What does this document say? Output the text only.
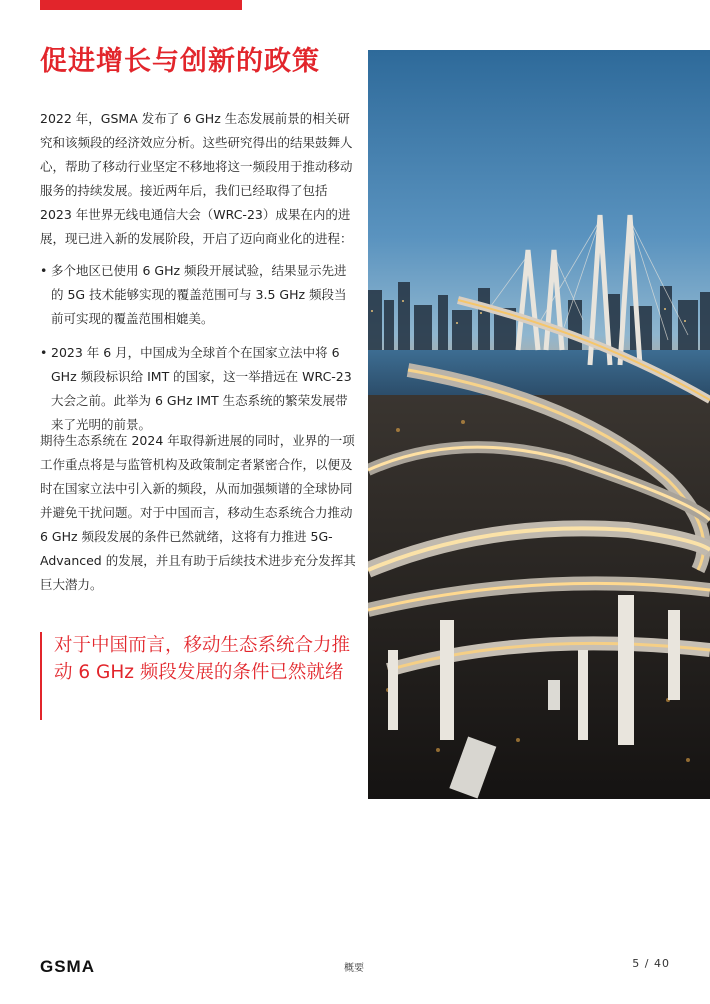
促进增长与创新的政策

2022 年，GSMA 发布了 6 GHz 生态发展前景的相关研究和该频段的经济效应分析。这些研究得出的结果鼓舞人心，帮助了移动行业坚定不移地将这一频段用于推动移动服务的持续发展。接近两年后，我们已经取得了包括 2023 年世界无线电通信大会（WRC-23）成果在内的进展，现已进入新的发展阶段，开启了迈向商业化的进程：

• 多个地区已使用 6 GHz 频段开展试验，结果显示先进的 5G 技术能够实现的覆盖范围可与 3.5 GHz 频段当前可实现的覆盖范围相媲美。
• 2023 年 6 月，中国成为全球首个在国家立法中将 6 GHz 频段标识给 IMT 的国家，这一举措远在 WRC-23 大会之前。此举为 6 GHz IMT 生态系统的繁荣发展带来了光明的前景。

期待生态系统在 2024 年取得新进展的同时，业界的一项工作重点将是与监管机构及政策制定者紧密合作，以便及时在国家立法中引入新的频段，从而加强频谱的全球协同并避免干扰问题。对于中国而言，移动生态系统合力推动 6 GHz 频段发展的条件已然就绪，这将有力推进 5G-Advanced 的发展，并且有助于后续技术进步充分发挥其巨大潜力。

对于中国而言，移动生态系统合力推动 6 GHz 频段发展的条件已然就绪

GSMA	概要	5 / 40
